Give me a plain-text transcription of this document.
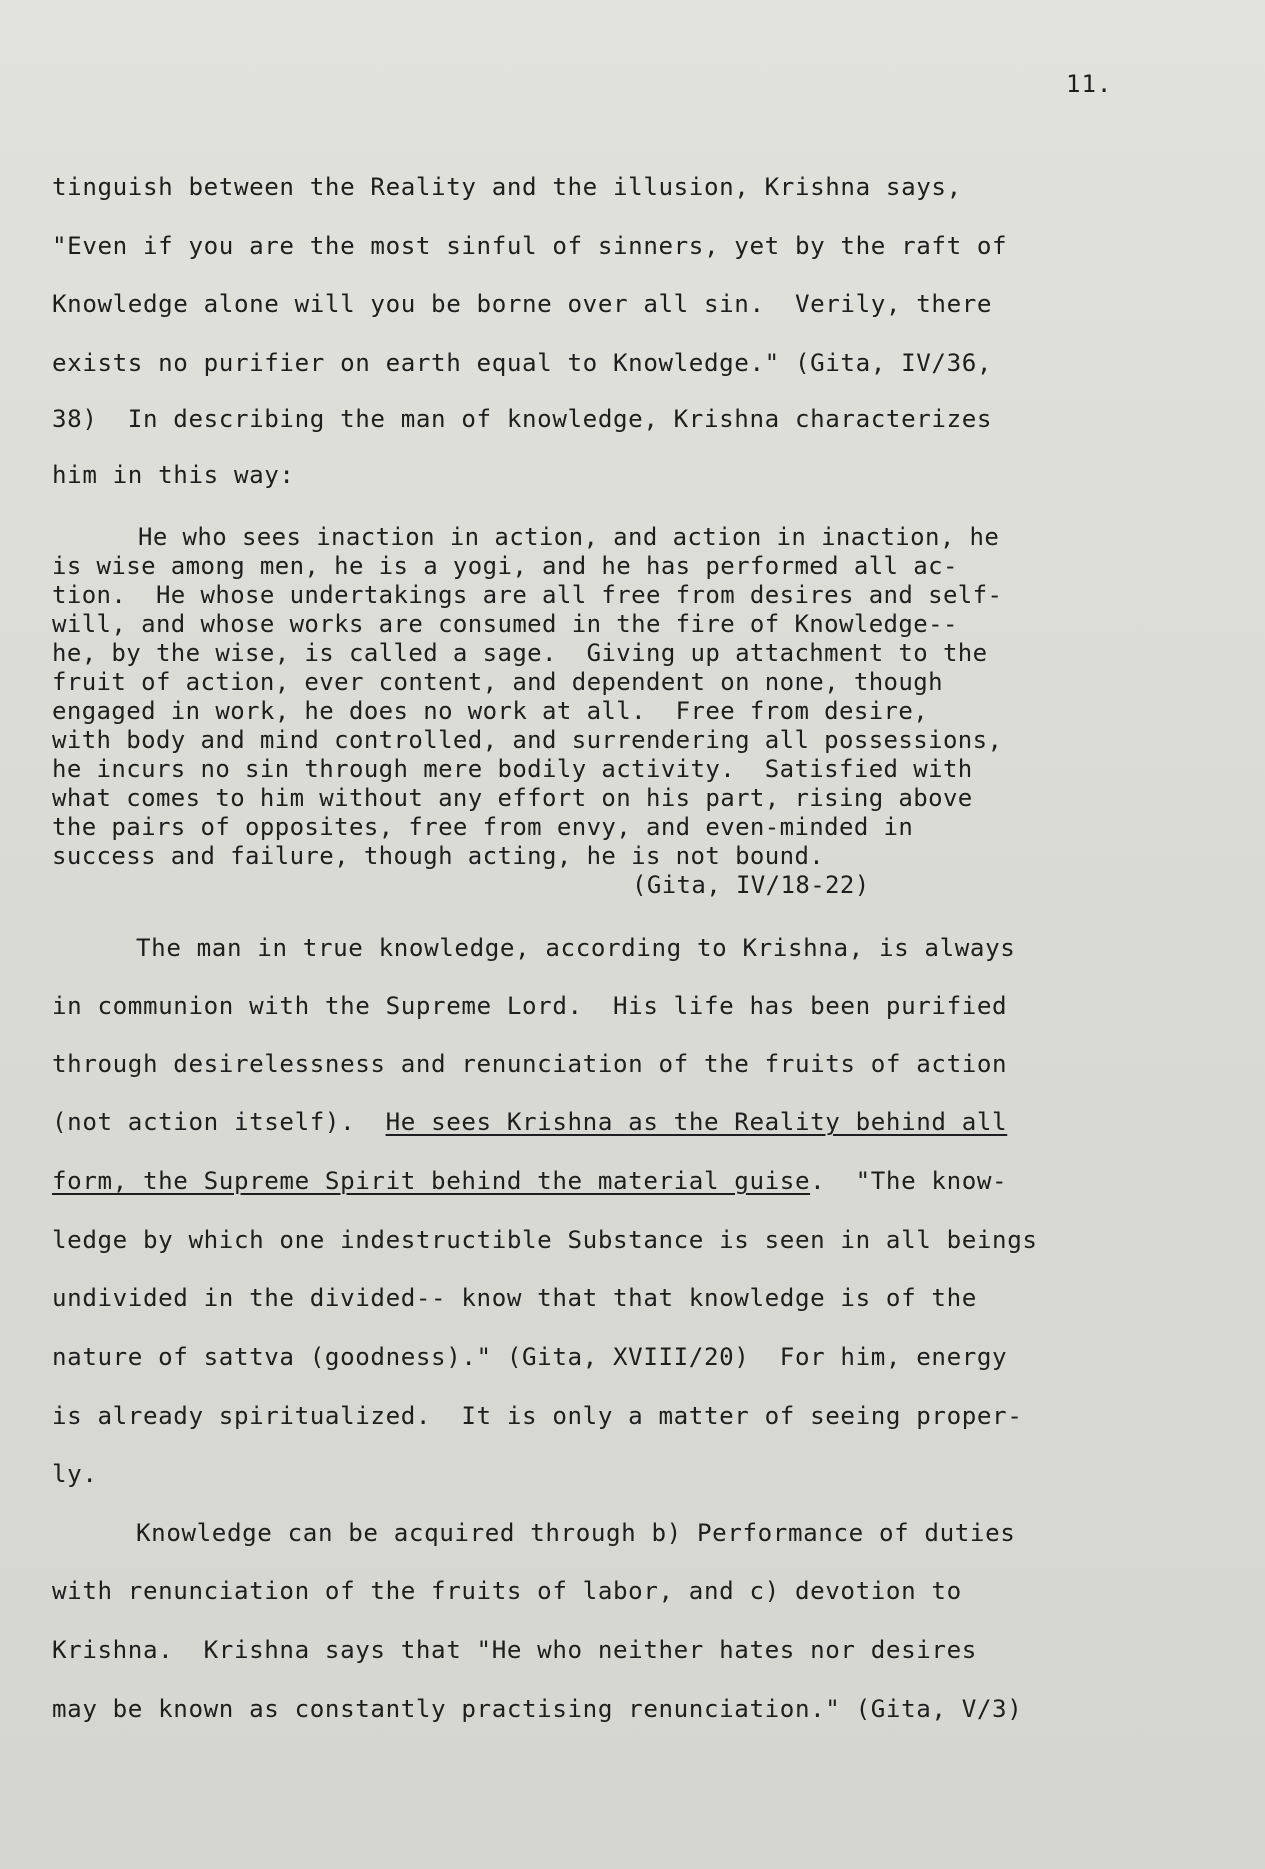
11.
tinguish between the Reality and the illusion, Krishna says,
"Even if you are the most sinful of sinners, yet by the raft of
Knowledge alone will you be borne over all sin.  Verily, there
exists no purifier on earth equal to Knowledge." (Gita, IV/36,
38)  In describing the man of knowledge, Krishna characterizes
him in this way:
He who sees inaction in action, and action in inaction, he
is wise among men, he is a yogi, and he has performed all ac-
tion.  He whose undertakings are all free from desires and self-
will, and whose works are consumed in the fire of Knowledge--
he, by the wise, is called a sage.  Giving up attachment to the
fruit of action, ever content, and dependent on none, though
engaged in work, he does no work at all.  Free from desire,
with body and mind controlled, and surrendering all possessions,
he incurs no sin through mere bodily activity.  Satisfied with
what comes to him without any effort on his part, rising above
the pairs of opposites, free from envy, and even-minded in
success and failure, though acting, he is not bound.
(Gita, IV/18-22)
The man in true knowledge, according to Krishna, is always
in communion with the Supreme Lord.  His life has been purified
through desirelessness and renunciation of the fruits of action
(not action itself).  He sees Krishna as the Reality behind all
form, the Supreme Spirit behind the material guise.  "The know-
ledge by which one indestructible Substance is seen in all beings
undivided in the divided-- know that that knowledge is of the
nature of sattva (goodness)." (Gita, XVIII/20)  For him, energy
is already spiritualized.  It is only a matter of seeing proper-
ly.
Knowledge can be acquired through b) Performance of duties
with renunciation of the fruits of labor, and c) devotion to
Krishna.  Krishna says that "He who neither hates nor desires
may be known as constantly practising renunciation." (Gita, V/3)
